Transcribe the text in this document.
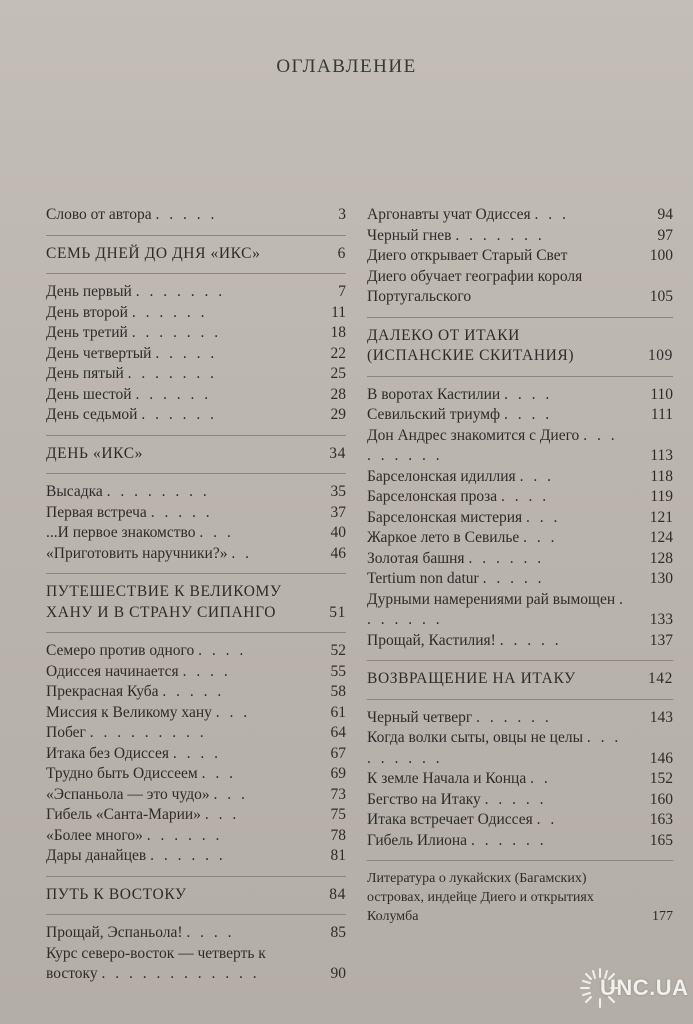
ОГЛАВЛЕНИЕ
Слово от автора . . . . .	3
СЕМЬ ДНЕЙ ДО ДНЯ «ИКС»	6
День первый . . . . . . .	7
День второй . . . . . .	11
День третий . . . . . . .	18
День четвертый . . . . .	22
День пятый . . . . . . .	25
День шестой . . . . . .	28
День седьмой . . . . . .	29
ДЕНЬ «ИКС»	34
Высадка . . . . . . . .	35
Первая встреча . . . . .	37
...И первое знакомство . . .	40
«Приготовить наручники?» . .	46
ПУТЕШЕСТВИЕ К ВЕЛИКОМУ ХАНУ И В СТРАНУ СИПАНГО	51
Семеро против одного . . . .	52
Одиссея начинается . . . .	55
Прекрасная Куба . . . . .	58
Миссия к Великому хану . . .	61
Побег . . . . . . . . .	64
Итака без Одиссея . . . .	67
Трудно быть Одиссеем . . .	69
«Эспаньола — это чудо» . . .	73
Гибель «Санта-Марии» . . .	75
«Более много» . . . . . .	78
Дары данайцев . . . . . .	81
ПУТЬ К ВОСТОКУ	84
Прощай, Эспаньола! . . . .	85
Курс северо-восток — четверть к востоку . . . . . . . . . . . .	90
Аргонавты учат Одиссея . . .	94
Черный гнев . . . . . . .	97
Диего открывает Старый Свет	100
Диего обучает географии короля Португальского	105
ДАЛЕКО ОТ ИТАКИ (ИСПАНСКИЕ СКИТАНИЯ)	109
В воротах Кастилии . . . .	110
Севильский триумф . . . .	111
Дон Андрес знакомится с Диего . . . . . . . . .	113
Барселонская идиллия . . .	118
Барселонская проза . . . .	119
Барселонская мистерия . . .	121
Жаркое лето в Севилье . . .	124
Золотая башня . . . . . .	128
Tertium non datur . . . . .	130
Дурными намерениями рай вымощен . . . . . . .	133
Прощай, Кастилия! . . . . .	137
ВОЗВРАЩЕНИЕ НА ИТАКУ	142
Черный четверг . . . . . .	143
Когда волки сыты, овцы не целы . . . . . . . . .	146
К земле Начала и Конца . .	152
Бегство на Итаку . . . . .	160
Итака встречает Одиссея . .	163
Гибель Илиона . . . . . .	165
Литература о лукайских (Багамских) островах, индейце Диего и открытиях Колумба	177
UNC.UA
